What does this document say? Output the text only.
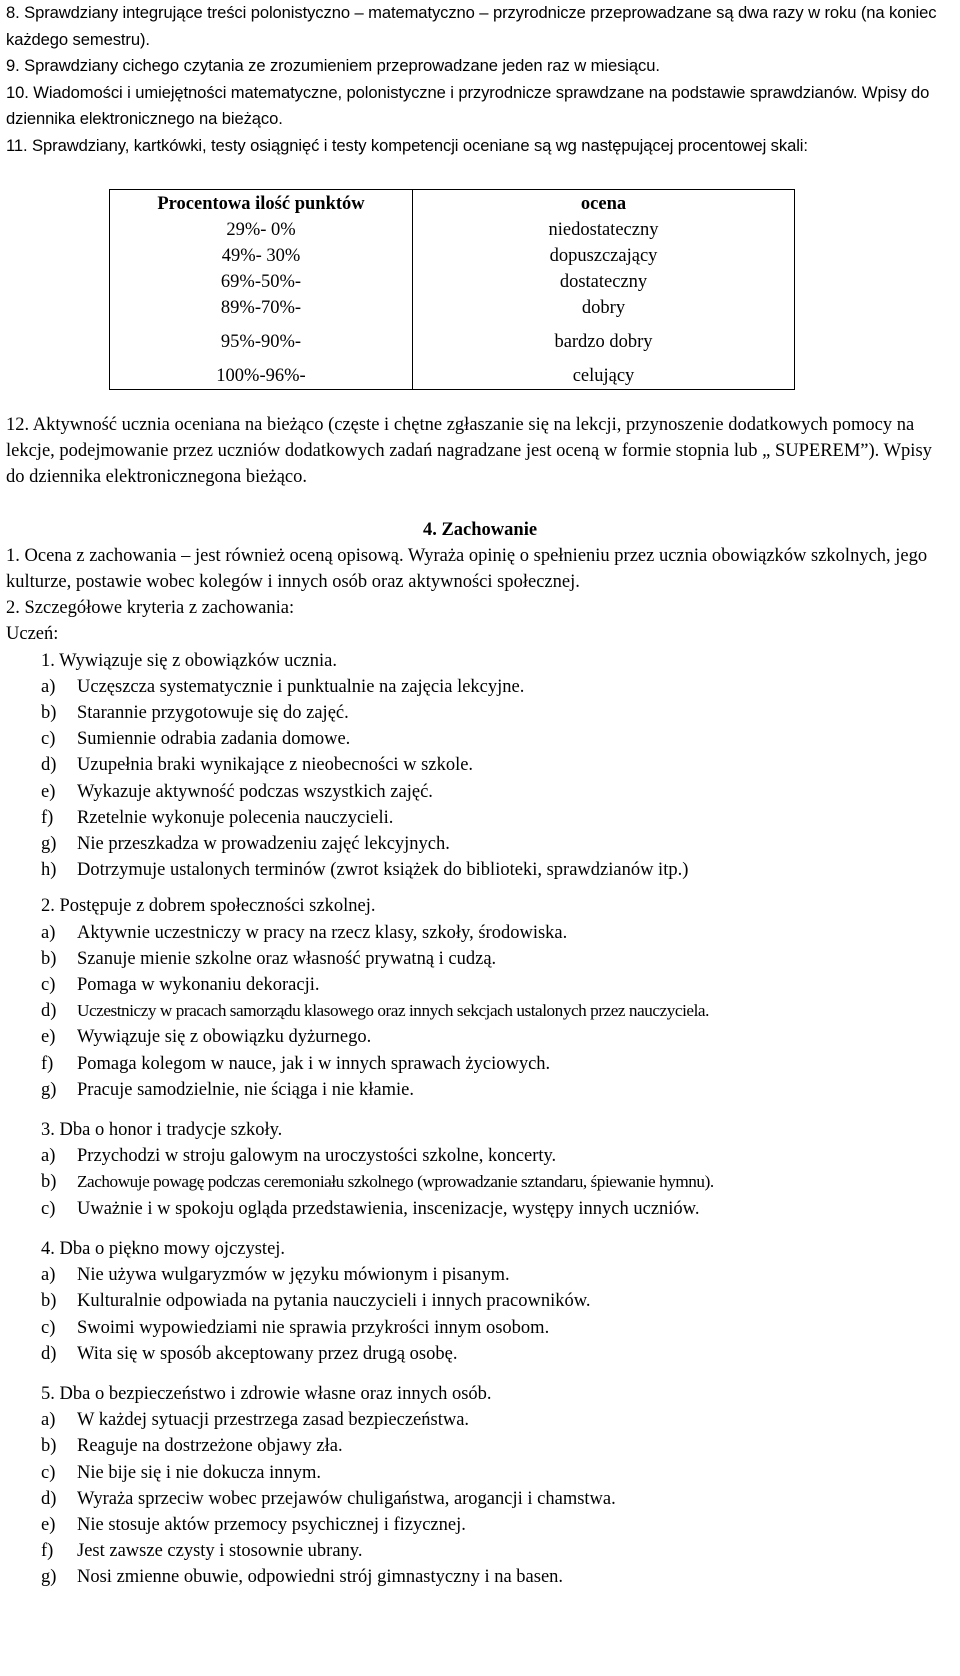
8. Sprawdziany integrujące treści polonistyczno – matematyczno – przyrodnicze przeprowadzane są dwa razy w roku (na koniec każdego semestru).

9. Sprawdziany cichego czytania ze zrozumieniem przeprowadzane jeden raz w miesiącu.

10. Wiadomości i umiejętności matematyczne, polonistyczne i przyrodnicze sprawdzane na podstawie sprawdzianów. Wpisy do dziennika elektronicznego na bieżąco.

11. Sprawdziany, kartkówki, testy osiągnięć i testy kompetencji oceniane są wg następującej procentowej skali:

Procentowa ilość punktów	ocena
29%- 0%	niedostateczny
49%- 30%	dopuszczający
69%-50%-	dostateczny
89%-70%-	dobry
95%-90%-	bardzo dobry
100%-96%-	celujący

12. Aktywność ucznia oceniana na bieżąco (częste i chętne zgłaszanie się na lekcji, przynoszenie dodatkowych pomocy na lekcje, podejmowanie przez uczniów dodatkowych zadań nagradzane jest oceną w formie stopnia lub „ SUPEREM”). Wpisy do dziennika elektronicznegona bieżąco.

4. Zachowanie

1. Ocena z zachowania – jest również oceną opisową. Wyraża opinię o spełnieniu przez ucznia obowiązków szkolnych, jego kulturze, postawie wobec kolegów i innych osób oraz aktywności społecznej.

2. Szczegółowe kryteria z zachowania:

Uczeń:

1. Wywiązuje się z obowiązków ucznia.

a)	Uczęszcza systematycznie i punktualnie na zajęcia lekcyjne.
b)	Starannie przygotowuje się do zajęć.
c)	Sumiennie odrabia zadania domowe.
d)	Uzupełnia braki wynikające z nieobecności w szkole.
e)	Wykazuje aktywność podczas wszystkich zajęć.
f)	Rzetelnie wykonuje polecenia nauczycieli.
g)	Nie przeszkadza w prowadzeniu zajęć lekcyjnych.
h)	Dotrzymuje ustalonych terminów (zwrot książek do biblioteki, sprawdzianów itp.)

2. Postępuje z dobrem społeczności szkolnej.

a)	Aktywnie uczestniczy w pracy na rzecz klasy, szkoły, środowiska.
b)	Szanuje mienie szkolne oraz własność prywatną i cudzą.
c)	Pomaga w wykonaniu dekoracji.
d)	Uczestniczy w pracach samorządu klasowego oraz innych sekcjach ustalonych przez nauczyciela.
e)	Wywiązuje się z obowiązku dyżurnego.
f)	Pomaga kolegom w nauce, jak i w innych sprawach życiowych.
g)	Pracuje samodzielnie, nie ściąga i nie kłamie.

3. Dba o honor i tradycje szkoły.

a)	Przychodzi w stroju galowym na uroczystości szkolne, koncerty.
b)	Zachowuje powagę podczas ceremoniału szkolnego (wprowadzanie sztandaru, śpiewanie hymnu).
c)	Uważnie i w spokoju ogląda przedstawienia, inscenizacje, występy innych uczniów.

4. Dba o piękno mowy ojczystej.

a)	Nie używa wulgaryzmów w języku mówionym i pisanym.
b)	Kulturalnie odpowiada na pytania nauczycieli i innych pracowników.
c)	Swoimi wypowiedziami nie sprawia przykrości innym osobom.
d)	Wita się w sposób akceptowany przez drugą osobę.

5. Dba o bezpieczeństwo i zdrowie własne oraz innych osób.

a)	W każdej sytuacji przestrzega zasad bezpieczeństwa.
b)	Reaguje na dostrzeżone objawy zła.
c)	Nie bije się i nie dokucza innym.
d)	Wyraża sprzeciw wobec przejawów chuligaństwa, arogancji i chamstwa.
e)	Nie stosuje aktów przemocy psychicznej i fizycznej.
f)	Jest zawsze czysty i stosownie ubrany.
g)	Nosi zmienne obuwie, odpowiedni strój gimnastyczny i na basen.
